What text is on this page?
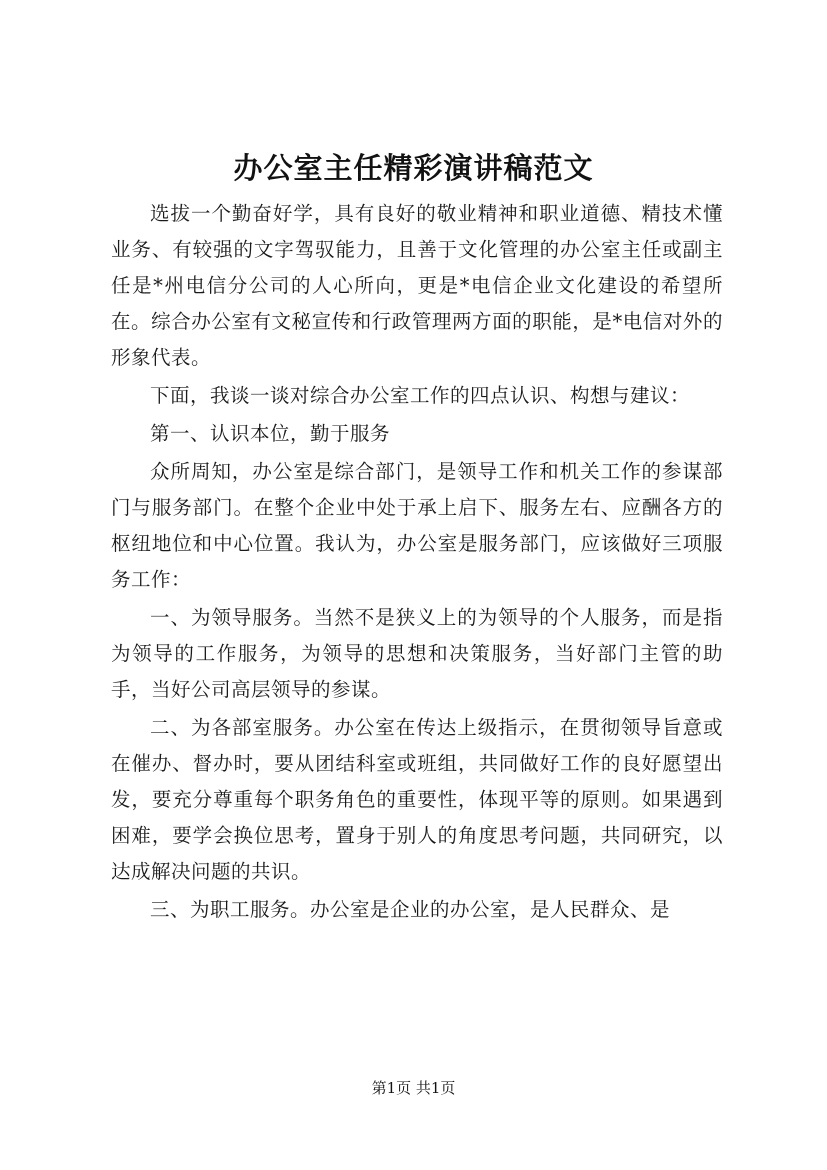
办公室主任精彩演讲稿范文

选拔一个勤奋好学，具有良好的敬业精神和职业道德、精技术懂业务、有较强的文字驾驭能力，且善于文化管理的办公室主任或副主任是*州电信分公司的人心所向，更是*电信企业文化建设的希望所在。综合办公室有文秘宣传和行政管理两方面的职能，是*电信对外的形象代表。

下面，我谈一谈对综合办公室工作的四点认识、构想与建议：

第一、认识本位，勤于服务

众所周知，办公室是综合部门，是领导工作和机关工作的参谋部门与服务部门。在整个企业中处于承上启下、服务左右、应酬各方的枢纽地位和中心位置。我认为，办公室是服务部门，应该做好三项服务工作：

一、为领导服务。当然不是狭义上的为领导的个人服务，而是指为领导的工作服务，为领导的思想和决策服务，当好部门主管的助手，当好公司高层领导的参谋。

二、为各部室服务。办公室在传达上级指示，在贯彻领导旨意或在催办、督办时，要从团结科室或班组，共同做好工作的良好愿望出发，要充分尊重每个职务角色的重要性，体现平等的原则。如果遇到困难，要学会换位思考，置身于别人的角度思考问题，共同研究，以达成解决问题的共识。

三、为职工服务。办公室是企业的办公室，是人民群众、是

第1页 共1页
